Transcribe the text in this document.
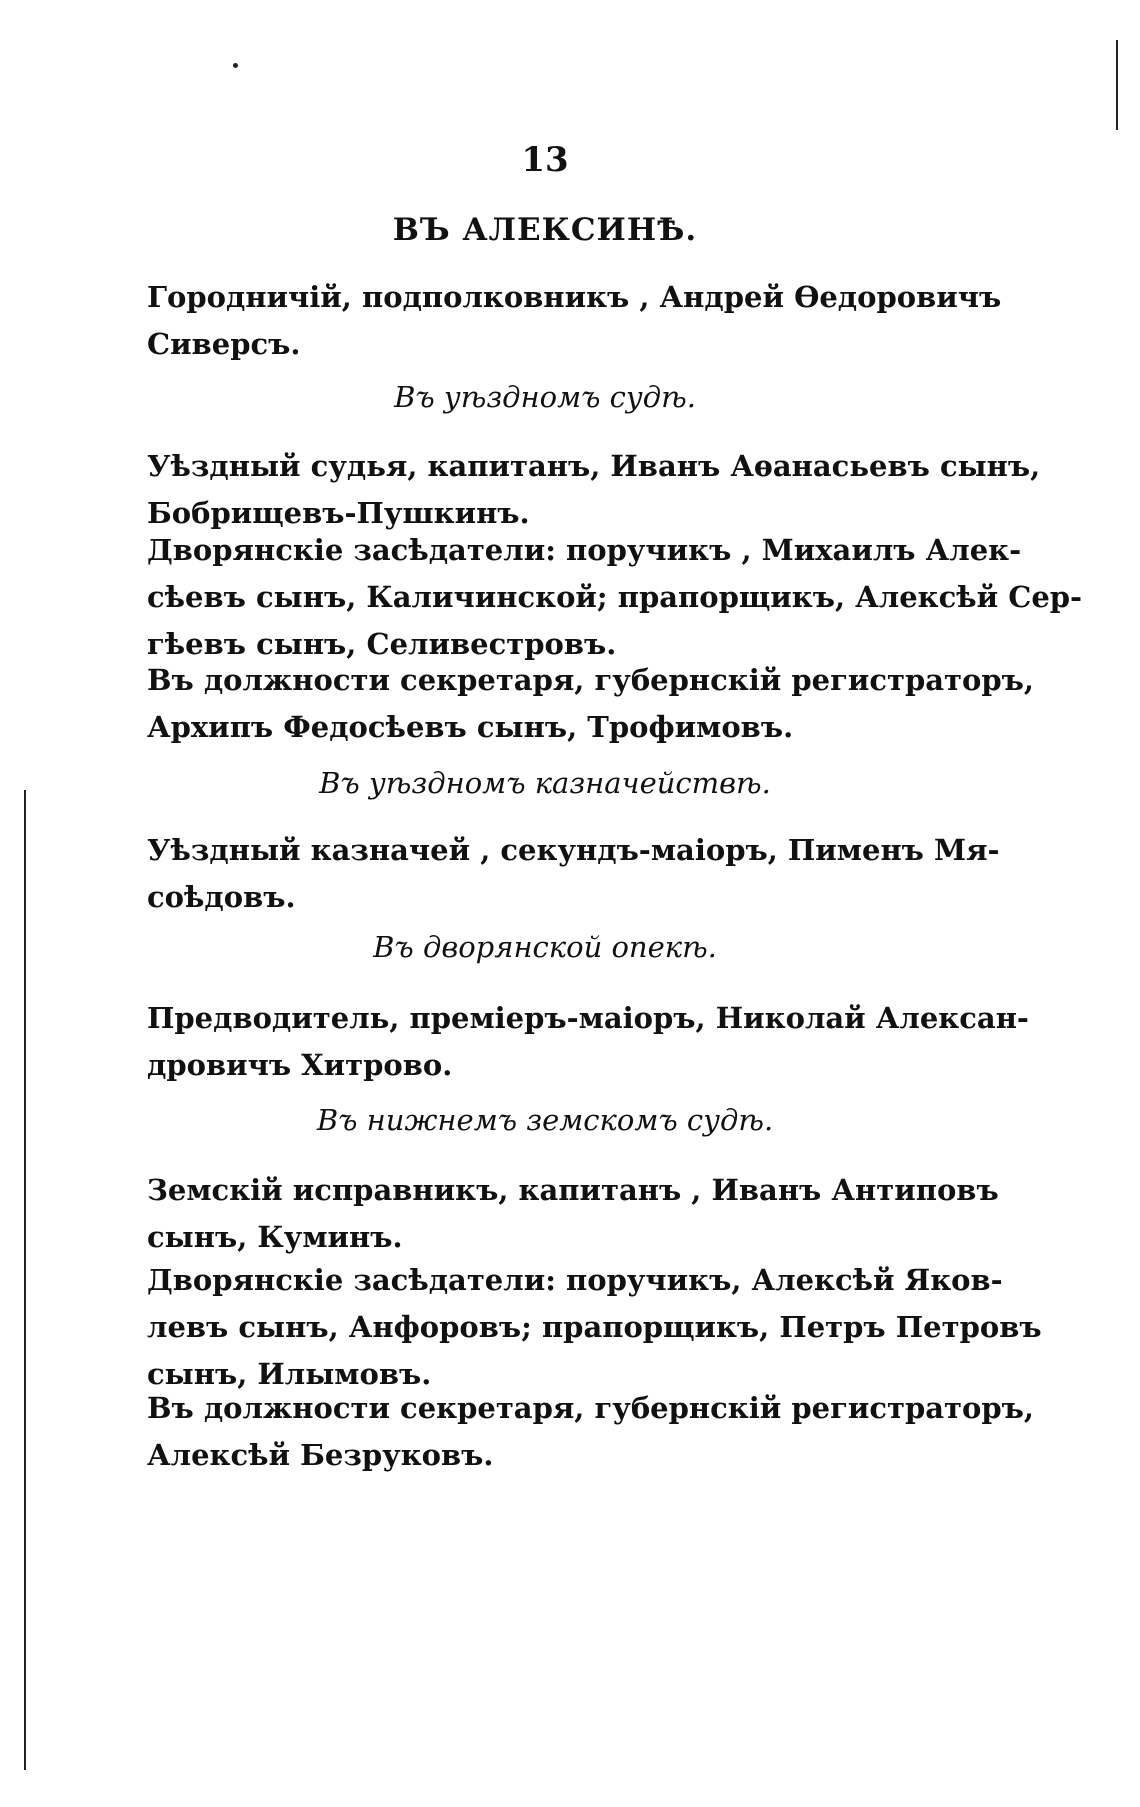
13
ВЪ АЛЕКСИНѢ.
Городничій, подполковникъ , Андрей Ѳедоровичъ
Сиверсъ.
Въ уѣздномъ судѣ.
Уѣздный судья, капитанъ, Иванъ Аѳанасьевъ сынъ,
Бобрищевъ-Пушкинъ.
Дворянскіе засѣдатели: поручикъ , Михаилъ Алек-
сѣевъ сынъ, Каличинской; прапорщикъ, Алексѣй Сер-
гѣевъ сынъ, Селивестровъ.
Въ должности секретаря, губернскій регистраторъ,
Архипъ Федосѣевъ сынъ, Трофимовъ.
Въ уѣздномъ казначействѣ.
Уѣздный казначей , секундъ-маіоръ, Пименъ Мя-
соѣдовъ.
Въ дворянской опекѣ.
Предводитель, преміеръ-маіоръ, Николай Алексан-
дровичъ Хитрово.
Въ нижнемъ земскомъ судѣ.
Земскій исправникъ, капитанъ , Иванъ Антиповъ
сынъ, Куминъ.
Дворянскіе засѣдатели: поручикъ, Алексѣй Яков-
левъ сынъ, Анфоровъ; прапорщикъ, Петръ Петровъ
сынъ, Илымовъ.
Въ должности секретаря, губернскій регистраторъ,
Алексѣй Безруковъ.
